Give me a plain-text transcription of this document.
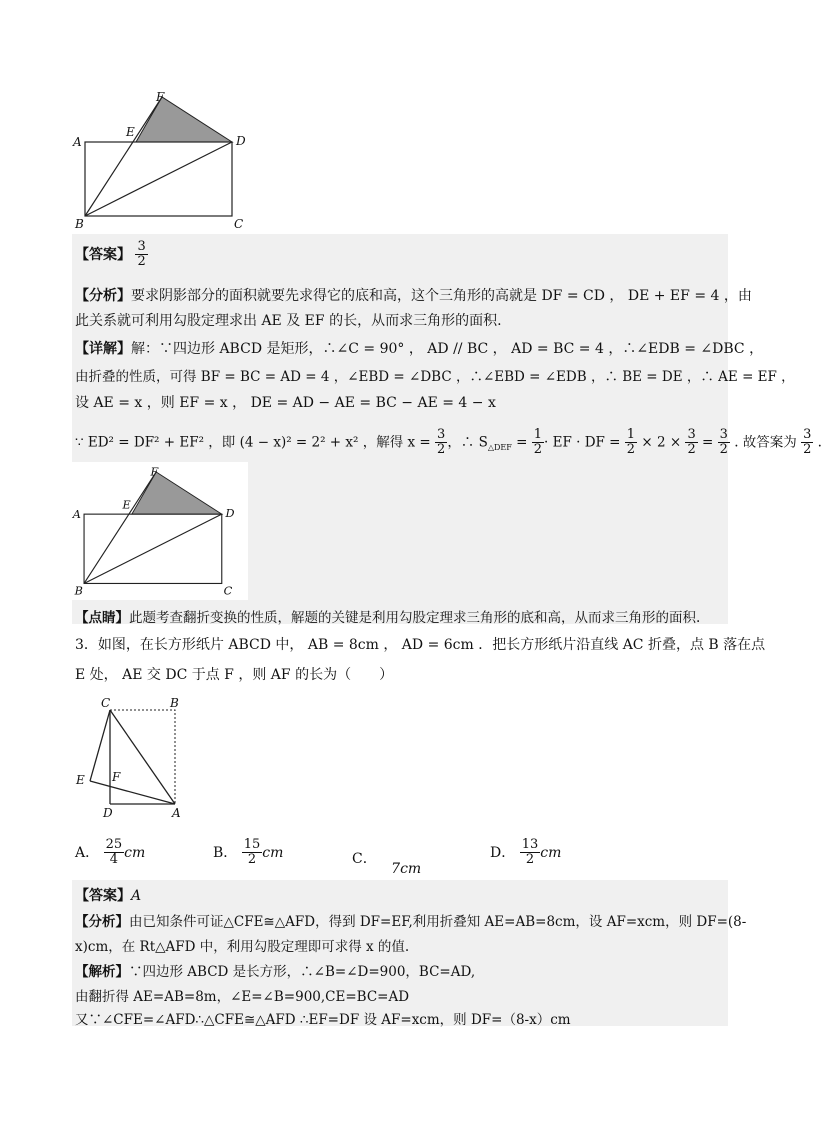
F
A
E
D
B	C
【答案】 $\frac{3}{2}$
【分析】要求阴影部分的面积就要先求得它的底和高，这个三角形的高就是 DF = CD ， DE + EF = 4 ，由
此关系就可利用勾股定理求出 AE 及 EF 的长，从而求三角形的面积.
【详解】解：∵四边形 ABCD 是矩形，∴∠C = 90° ， AD // BC ， AD = BC = 4 ，∴∠EDB = ∠DBC ，
由折叠的性质，可得 BF = BC = AD = 4 ，∠EBD = ∠DBC ，∴∠EBD = ∠EDB ，∴ BE = DE ，∴ AE = EF ，
设 AE = x ，则 EF = x ， DE = AD − AE = BC − AE = 4 − x
∵ ED² = DF² + EF² ，即 (4 − x)² = 2² + x² ，解得 $x = \frac{3}{2}$ ，∴ $S_{\triangle DEF} = \frac{1}{2}$ · EF · DF = $\frac{1}{2} \times 2 \times \frac{3}{2} = \frac{3}{2}$ . 故答案为 $\frac{3}{2}$ .
F
A
E
D
B	C
【点睛】此题考查翻折变换的性质，解题的关键是利用勾股定理求三角形的底和高，从而求三角形的面积.
3．如图，在长方形纸片 ABCD 中， AB = 8cm ， AD = 6cm ．把长方形纸片沿直线 AC 折叠，点 B 落在点
E 处， AE 交 DC 于点 F ，则 AF 的长为（　　）
C	B
E F
D	A
A． $\frac{25}{4}$ cm	B． $\frac{15}{2}$ cm	C． 7cm
D． $\frac{13}{2}$ cm
【答案】A
【分析】由已知条件可证△CFE≅△AFD，得到 DF=EF,利用折叠知 AE=AB=8cm，设 AF=xcm，则 DF=(8-
x)cm，在 Rt△AFD 中，利用勾股定理即可求得 x 的值.
【解析】∵四边形 ABCD 是长方形，∴∠B=∠D=900，BC=AD,
由翻折得 AE=AB=8m，∠E=∠B=900,CE=BC=AD
又∵∠CFE=∠AFD∴△CFE≅△AFD ∴EF=DF 设 AF=xcm，则 DF=（8-x）cm
